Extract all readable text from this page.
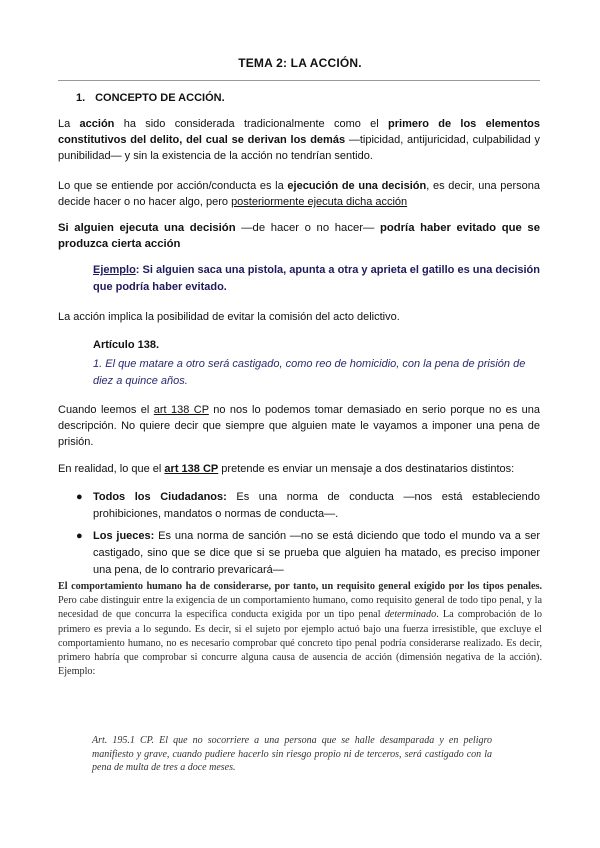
TEMA 2: LA ACCIÓN.
1. CONCEPTO DE ACCIÓN.
La acción ha sido considerada tradicionalmente como el primero de los elementos constitutivos del delito, del cual se derivan los demás —tipicidad, antijuricidad, culpabilidad y punibilidad— y sin la existencia de la acción no tendrían sentido.
Lo que se entiende por acción/conducta es la ejecución de una decisión, es decir, una persona decide hacer o no hacer algo, pero posteriormente ejecuta dicha acción
Si alguien ejecuta una decisión —de hacer o no hacer— podría haber evitado que se produzca cierta acción
Ejemplo: Si alguien saca una pistola, apunta a otra y aprieta el gatillo es una decisión que podría haber evitado.
La acción implica la posibilidad de evitar la comisión del acto delictivo.
Artículo 138.
1. El que matare a otro será castigado, como reo de homicidio, con la pena de prisión de diez a quince años.
Cuando leemos el art 138 CP no nos lo podemos tomar demasiado en serio porque no es una descripción. No quiere decir que siempre que alguien mate le vayamos a imponer una pena de prisión.
En realidad, lo que el art 138 CP pretende es enviar un mensaje a dos destinatarios distintos:
● Todos los Ciudadanos: Es una norma de conducta —nos está estableciendo prohibiciones, mandatos o normas de conducta—.
● Los jueces: Es una norma de sanción —no se está diciendo que todo el mundo va a ser castigado, sino que se dice que si se prueba que alguien ha matado, es preciso imponer una pena, de lo contrario prevaricará—
El comportamiento humano ha de considerarse, por tanto, un requisito general exigido por los tipos penales. Pero cabe distinguir entre la exigencia de un comportamiento humano, como requisito general de todo tipo penal, y la necesidad de que concurra la específica conducta exigida por un tipo penal determinado. La comprobación de lo primero es previa a lo segundo. Es decir, si el sujeto por ejemplo actuó bajo una fuerza irresistible, que excluye el comportamiento humano, no es necesario comprobar qué concreto tipo penal podría considerarse realizado. Es decir, primero habría que comprobar si concurre alguna causa de ausencia de acción (dimensión negativa de la acción). Ejemplo:
Art. 195.1 CP. El que no socorriere a una persona que se halle desamparada y en peligro manifiesto y grave, cuando pudiere hacerlo sin riesgo propio ni de terceros, será castigado con la pena de multa de tres a doce meses.
